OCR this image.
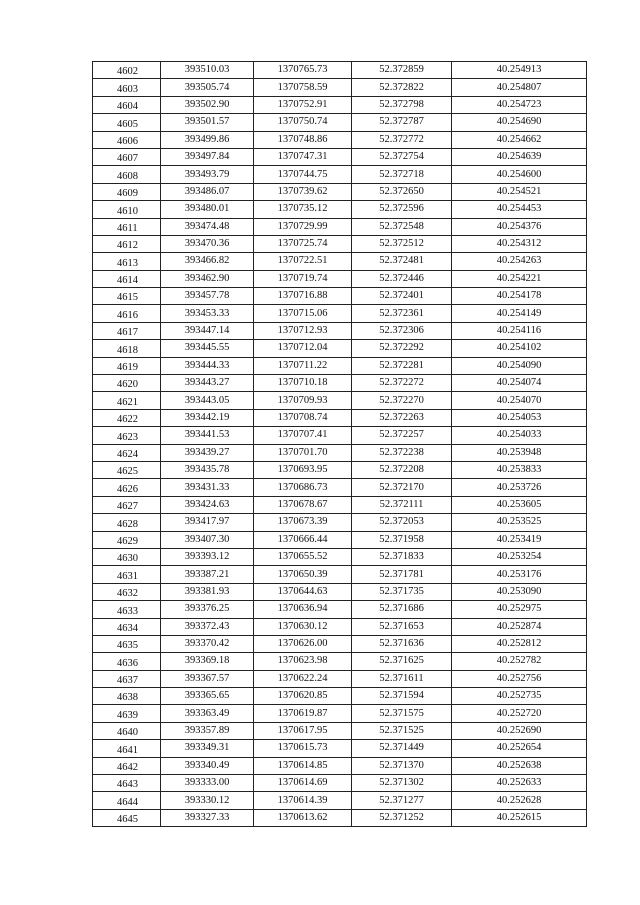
4602	393510.03	1370765.73	52.372859	40.254913
4603	393505.74	1370758.59	52.372822	40.254807
4604	393502.90	1370752.91	52.372798	40.254723
4605	393501.57	1370750.74	52.372787	40.254690
4606	393499.86	1370748.86	52.372772	40.254662
4607	393497.84	1370747.31	52.372754	40.254639
4608	393493.79	1370744.75	52.372718	40.254600
4609	393486.07	1370739.62	52.372650	40.254521
4610	393480.01	1370735.12	52.372596	40.254453
4611	393474.48	1370729.99	52.372548	40.254376
4612	393470.36	1370725.74	52.372512	40.254312
4613	393466.82	1370722.51	52.372481	40.254263
4614	393462.90	1370719.74	52.372446	40.254221
4615	393457.78	1370716.88	52.372401	40.254178
4616	393453.33	1370715.06	52.372361	40.254149
4617	393447.14	1370712.93	52.372306	40.254116
4618	393445.55	1370712.04	52.372292	40.254102
4619	393444.33	1370711.22	52.372281	40.254090
4620	393443.27	1370710.18	52.372272	40.254074
4621	393443.05	1370709.93	52.372270	40.254070
4622	393442.19	1370708.74	52.372263	40.254053
4623	393441.53	1370707.41	52.372257	40.254033
4624	393439.27	1370701.70	52.372238	40.253948
4625	393435.78	1370693.95	52.372208	40.253833
4626	393431.33	1370686.73	52.372170	40.253726
4627	393424.63	1370678.67	52.372111	40.253605
4628	393417.97	1370673.39	52.372053	40.253525
4629	393407.30	1370666.44	52.371958	40.253419
4630	393393.12	1370655.52	52.371833	40.253254
4631	393387.21	1370650.39	52.371781	40.253176
4632	393381.93	1370644.63	52.371735	40.253090
4633	393376.25	1370636.94	52.371686	40.252975
4634	393372.43	1370630.12	52.371653	40.252874
4635	393370.42	1370626.00	52.371636	40.252812
4636	393369.18	1370623.98	52.371625	40.252782
4637	393367.57	1370622.24	52.371611	40.252756
4638	393365.65	1370620.85	52.371594	40.252735
4639	393363.49	1370619.87	52.371575	40.252720
4640	393357.89	1370617.95	52.371525	40.252690
4641	393349.31	1370615.73	52.371449	40.252654
4642	393340.49	1370614.85	52.371370	40.252638
4643	393333.00	1370614.69	52.371302	40.252633
4644	393330.12	1370614.39	52.371277	40.252628
4645	393327.33	1370613.62	52.371252	40.252615
